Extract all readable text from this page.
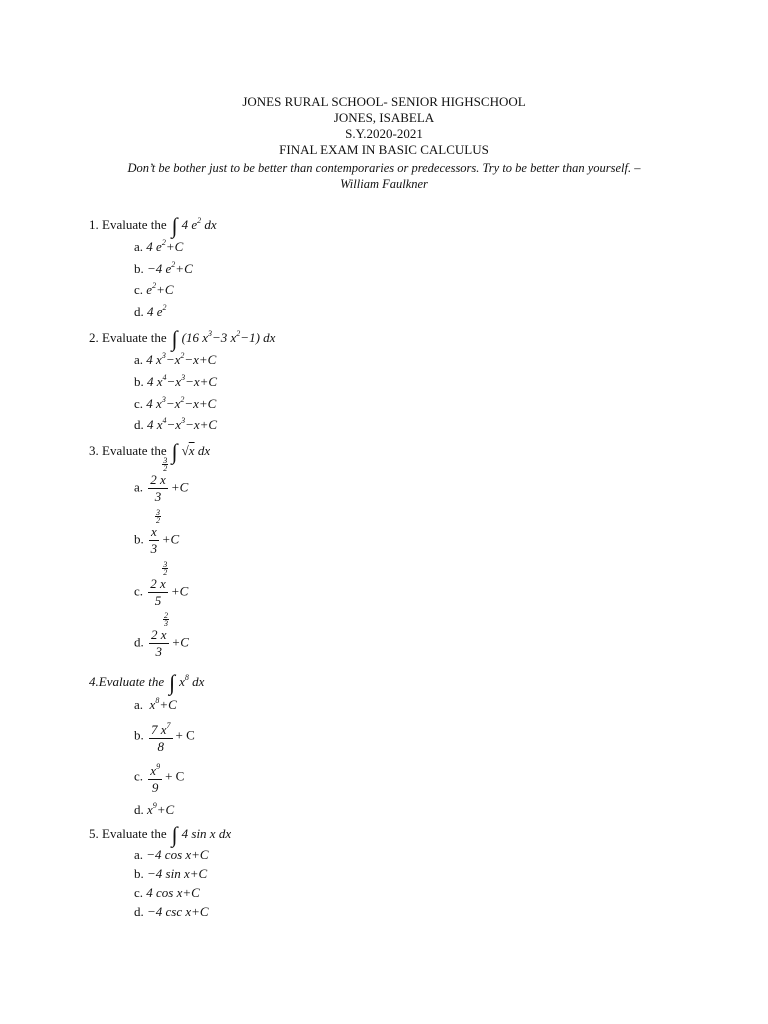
JONES RURAL SCHOOL- SENIOR HIGHSCHOOL
JONES, ISABELA
S.Y.2020-2021
FINAL EXAM IN BASIC CALCULUS
Don’t be bother just to be better than contemporaries or predecessors. Try to be better than yourself. –
William Faulkner
1. Evaluate the ∫ 4 $e^2$ dx
a. 4 $e^2+C$
b. −4 $e^2+C$
c. $e^2+C$
d. 4 $e^2$
2. Evaluate the ∫ (16 $x^3-3$ $x^2-1$) dx
a. 4 $x^3-x^2-x+C$
b. 4 $x^4-x^3-x+C$
c. 4 $x^3-x^2-x+C$
d. 4 $x^4-x^3-x+C$
3. Evaluate the ∫ √x dx
a. 2 x
3
2
3 +C
b. x
3
2
3 +C
c. 2 x
3
2
5 +C
d. 2 x
2
3
3 +C
4.Evaluate the ∫ $x^8$ dx
a.  $x^8+C$
b. $\frac{7 x^7}{8} + C$
c. $\frac{x^9}{9} + C$
d. $x^9+C$
5. Evaluate the ∫ 4 sin x dx
a. −4 cos x+C
b. −4 sin x+C
c. 4 cos x+C
d. −4 csc x+C
